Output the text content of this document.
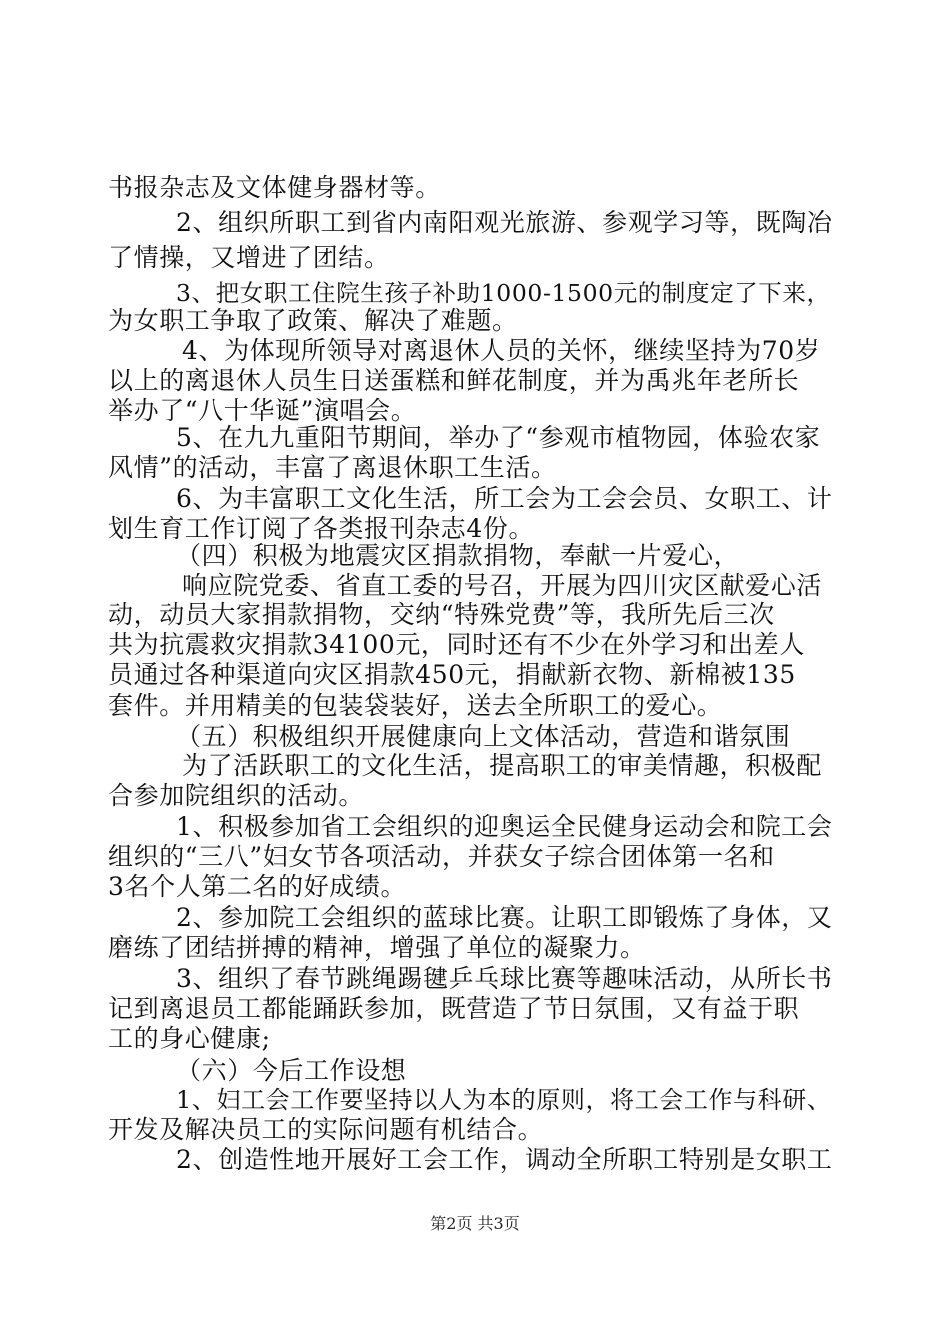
书报杂志及文体健身器材等。
2、组织所职工到省内南阳观光旅游、参观学习等，既陶冶
了情操，又增进了团结。
3、把女职工住院生孩子补助1000-1500元的制度定了下来，
为女职工争取了政策、解决了难题。
4、为体现所领导对离退休人员的关怀，继续坚持为70岁
以上的离退休人员生日送蛋糕和鲜花制度，并为禹兆年老所长
举办了“八十华诞”演唱会。
5、在九九重阳节期间，举办了“参观市植物园，体验农家
风情”的活动，丰富了离退休职工生活。
6、为丰富职工文化生活，所工会为工会会员、女职工、计
划生育工作订阅了各类报刊杂志4份。
（四）积极为地震灾区捐款捐物，奉献一片爱心，
响应院党委、省直工委的号召，开展为四川灾区献爱心活
动，动员大家捐款捐物，交纳“特殊党费”等，我所先后三次
共为抗震救灾捐款34100元，同时还有不少在外学习和出差人
员通过各种渠道向灾区捐款450元，捐献新衣物、新棉被135
套件。并用精美的包装袋装好，送去全所职工的爱心。
（五）积极组织开展健康向上文体活动，营造和谐氛围
为了活跃职工的文化生活，提高职工的审美情趣，积极配
合参加院组织的活动。
1、积极参加省工会组织的迎奥运全民健身运动会和院工会
组织的“三八”妇女节各项活动，并获女子综合团体第一名和
3名个人第二名的好成绩。
2、参加院工会组织的蓝球比赛。让职工即锻炼了身体，又
磨练了团结拼搏的精神，增强了单位的凝聚力。
3、组织了春节跳绳踢毽乒乓球比赛等趣味活动，从所长书
记到离退员工都能踊跃参加，既营造了节日氛围，又有益于职
工的身心健康;
（六）今后工作设想
1、妇工会工作要坚持以人为本的原则，将工会工作与科研、
开发及解决员工的实际问题有机结合。
2、创造性地开展好工会工作，调动全所职工特别是女职工
第2页 共3页
